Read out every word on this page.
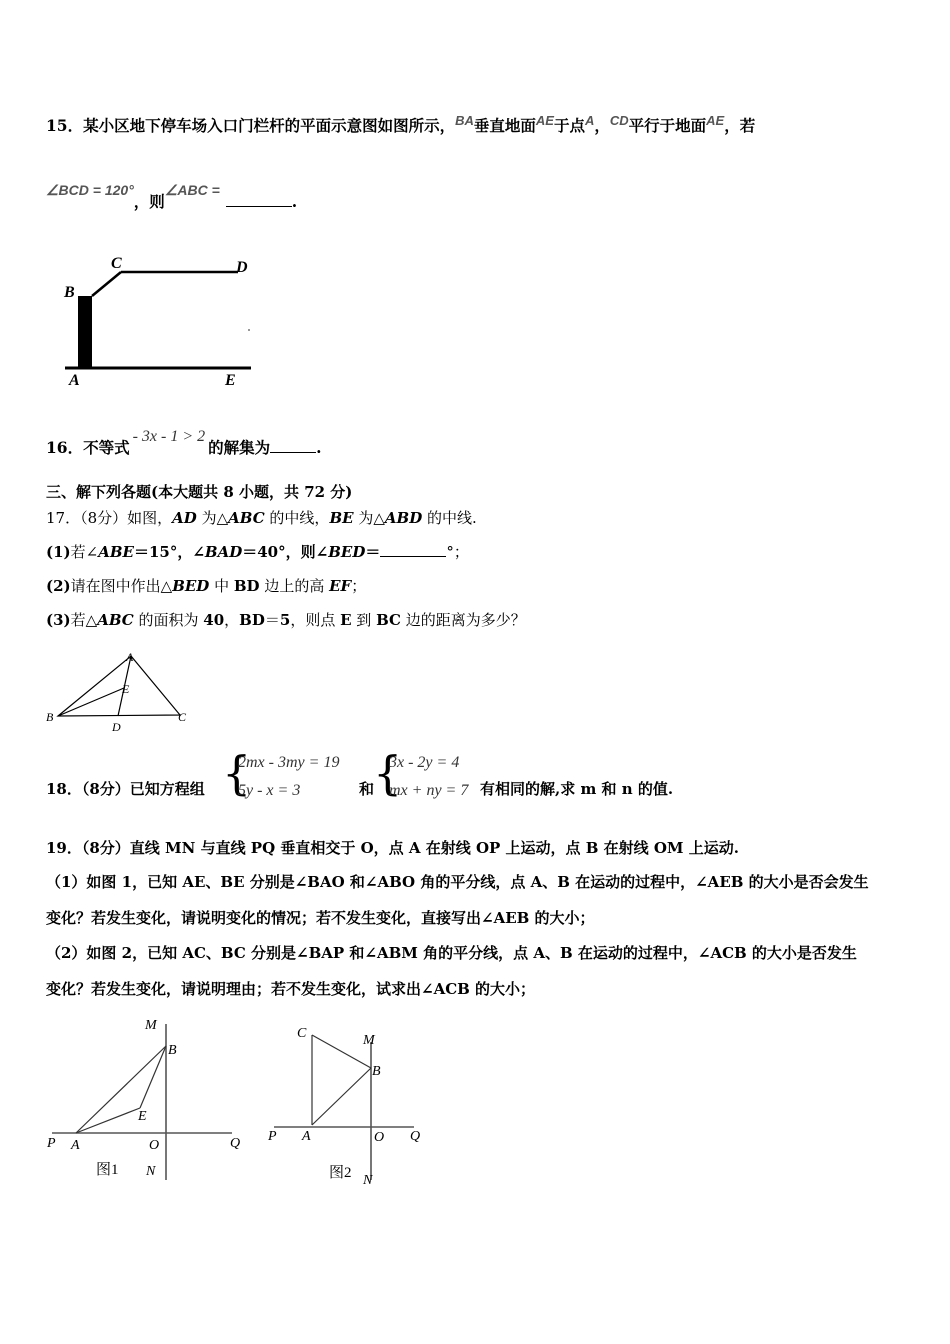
15．某小区地下停车场入口门栏杆的平面示意图如图所示，$^{BA}$垂直地面$^{AE}$于点$^A$，$^{CD}$平行于地面$^{AE}$，若
∠BCD = 120°，则∠ABC =.
B
C	D
A	E
16．不等式- 3x - 1 > 2的解集为	.
三、解下列各题(本大题共 8 小题，共 72 分)
17．（8分）如图，AD 为△ABC 的中线，BE 为△ABD 的中线.
(1)若∠ABE＝15°，∠BAD＝40°，则∠BED＝	°；
(2)请在图中作出△BED 中 BD 边上的高 EF；
(3)若△ABC 的面积为 40，BD＝5，则点 E 到 BC 边的距离为多少？
A
E
B	C
D
18．（8分）已知方程组 {
2mx - 3my = 19
5y - x = 3	和
{
3x - 2y = 4
mx + ny = 7 有相同的解,求 m 和 n 的值.
19．（8分）直线 MN 与直线 PQ 垂直相交于 O，点 A 在射线 OP 上运动，点 B 在射线 OM 上运动.
（1）如图 1，已知 AE、BE 分别是∠BAO 和∠ABO 角的平分线，点 A、B 在运动的过程中，∠AEB 的大小是否会发生
变化？若发生变化，请说明变化的情况；若不发生变化，直接写出∠AEB 的大小；
（2）如图 2，已知 AC、BC 分别是∠BAP 和∠ABM 角的平分线，点 A、B 在运动的过程中，∠ACB 的大小是否发生
变化？若发生变化，请说明理由；若不发生变化，试求出∠ACB 的大小；
M
B
E
P A	O	Q
N
图1
C	M
B
P A	O Q
图2 N
